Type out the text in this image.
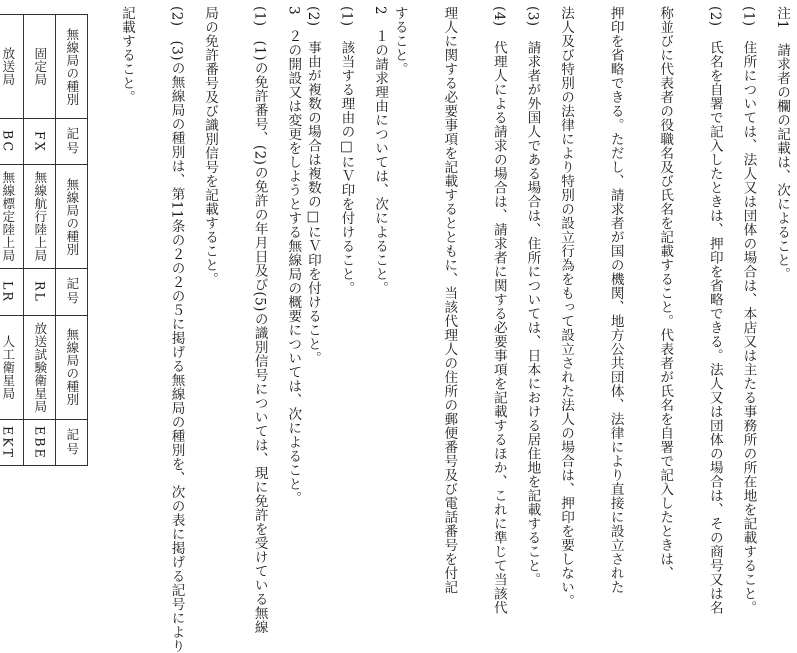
注1　請求者の欄の記載は、次によること。
(1)　住所については、法人又は団体の場合は、本店又は主たる事務所の所在地を記載すること。
(2)　氏名を自署で記入したときは、押印を省略できる。法人又は団体の場合は、その商号又は名
称並びに代表者の役職名及び氏名を記載すること。代表者が氏名を自署で記入したときは、
押印を省略できる。ただし、請求者が国の機関、地方公共団体、法律により直接に設立された
法人及び特別の法律により特別の設立行為をもって設立された法人の場合は、押印を要しない。
(3)　請求者が外国人である場合は、住所については、日本における居住地を記載すること。
(4)　代理人による請求の場合は、請求者に関する必要事項を記載するほか、これに準じて当該代
理人に関する必要事項を記載するとともに、当該代理人の住所の郵便番号及び電話番号を付記
すること。
2　１の請求理由については、次によること。
(1)　該当する理由の□にＶ印を付けること。
(2)　事由が複数の場合は複数の□にＶ印を付けること。
3　２の開設又は変更をしようとする無線局の概要については、次によること。
(1)　(1)の免許番号、(2)の免許の年月日及び(5)の識別信号については、現に免許を受けている無線
局の免許番号及び識別信号を記載すること。
(2)　(3)の無線局の種別は、第11条の２の２の５に掲げる無線局の種別を、次の表に掲げる記号により
記載すること。
無線局の種別	記号	無線局の種別	記号	無線局の種別	記号
固定局	FX	無線航行陸上局	RL	放送試験衛星局	EBE
放送局	BC	無線標定陸上局	LR	人工衛星局	EKT
